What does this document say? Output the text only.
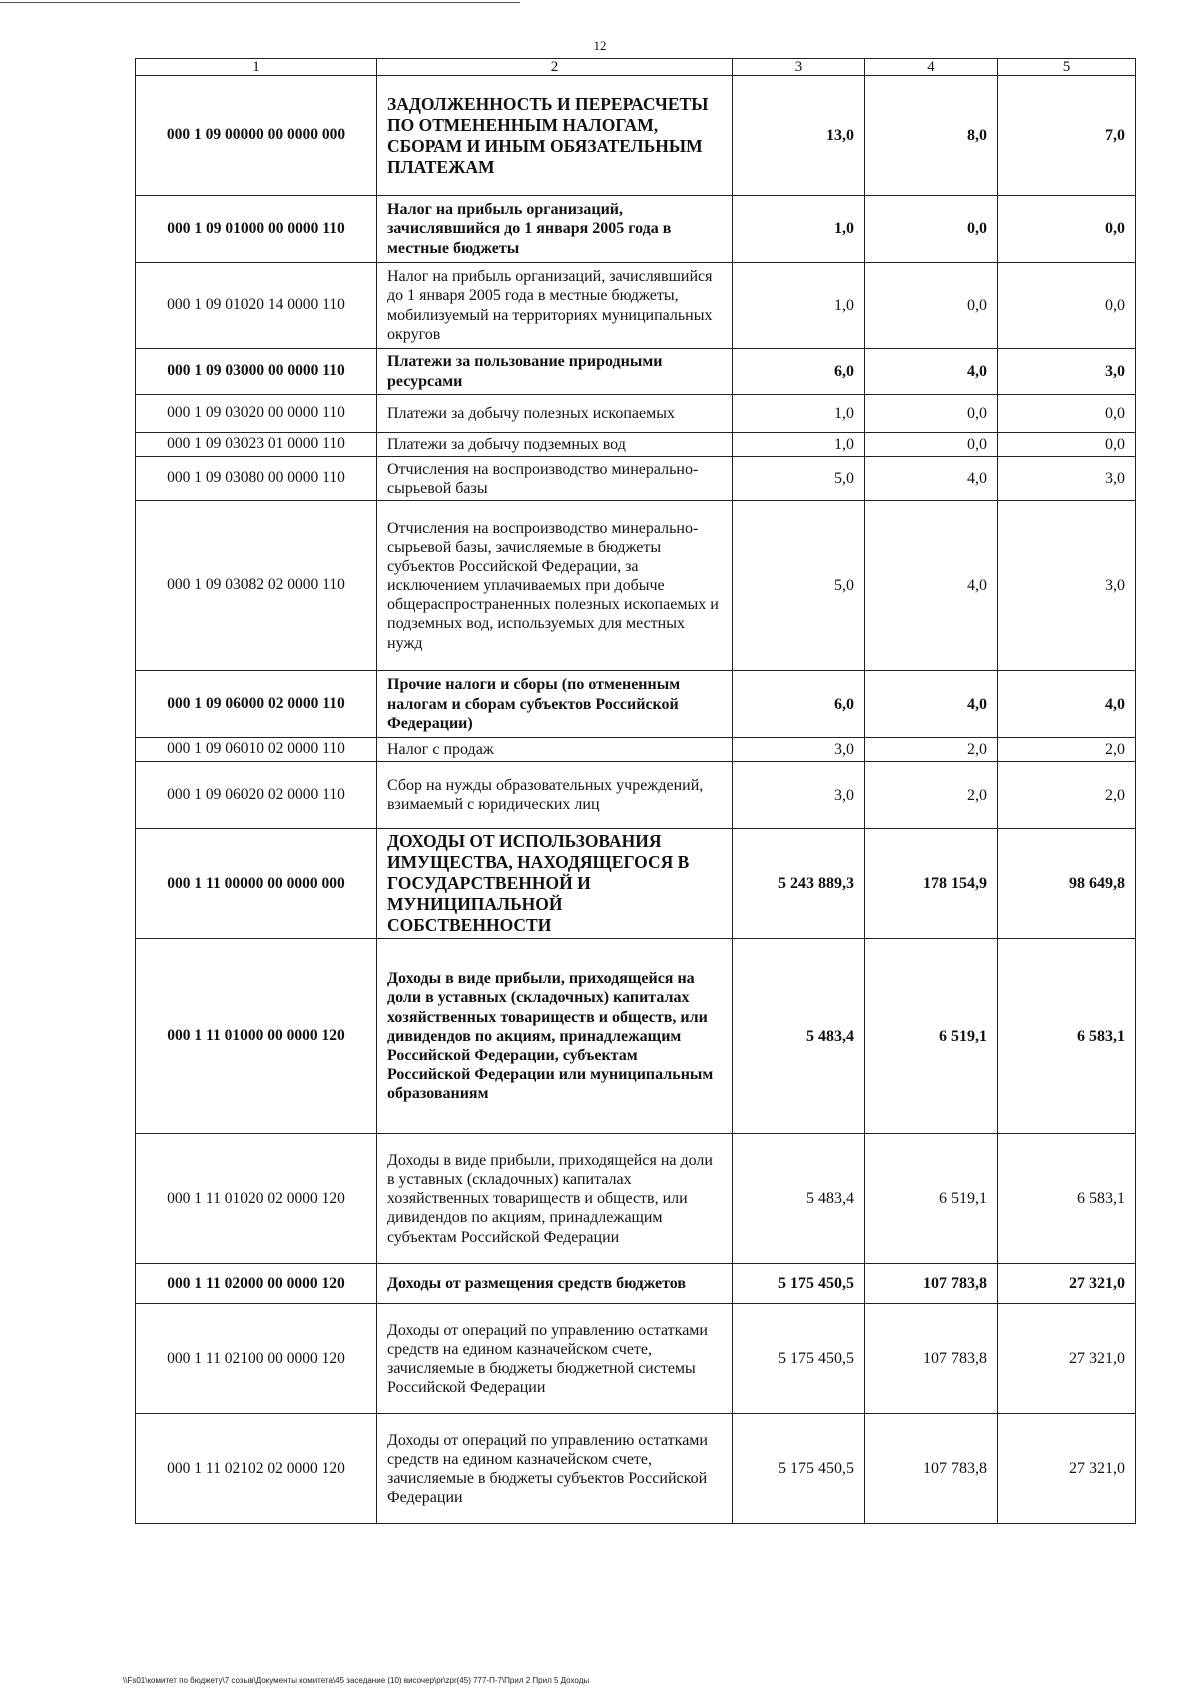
12
1	2	3	4	5
000 1 09 00000 00 0000 000	ЗАДОЛЖЕННОСТЬ И ПЕРЕРАСЧЕТЫ ПО ОТМЕНЕННЫМ НАЛОГАМ, СБОРАМ И ИНЫМ ОБЯЗАТЕЛЬНЫМ ПЛАТЕЖАМ	13,0	8,0	7,0
000 1 09 01000 00 0000 110	Налог на прибыль организаций, зачислявшийся до 1 января 2005 года в местные бюджеты	1,0	0,0	0,0
000 1 09 01020 14 0000 110	Налог на прибыль организаций, зачислявшийся до 1 января 2005 года в местные бюджеты, мобилизуемый на территориях муниципальных округов	1,0	0,0	0,0
000 1 09 03000 00 0000 110	Платежи за пользование природными ресурсами	6,0	4,0	3,0
000 1 09 03020 00 0000 110	Платежи за добычу полезных ископаемых	1,0	0,0	0,0
000 1 09 03023 01 0000 110	Платежи за добычу подземных вод	1,0	0,0	0,0
000 1 09 03080 00 0000 110	Отчисления на воспроизводство минерально-сырьевой базы	5,0	4,0	3,0
000 1 09 03082 02 0000 110	Отчисления на воспроизводство минерально-сырьевой базы, зачисляемые в бюджеты субъектов Российской Федерации, за исключением уплачиваемых при добыче общераспространенных полезных ископаемых и подземных вод, используемых для местных нужд	5,0	4,0	3,0
000 1 09 06000 02 0000 110	Прочие налоги и сборы (по отмененным налогам и сборам субъектов Российской Федерации)	6,0	4,0	4,0
000 1 09 06010 02 0000 110	Налог с продаж	3,0	2,0	2,0
000 1 09 06020 02 0000 110	Сбор на нужды образовательных учреждений, взимаемый с юридических лиц	3,0	2,0	2,0
000 1 11 00000 00 0000 000	ДОХОДЫ ОТ ИСПОЛЬЗОВАНИЯ ИМУЩЕСТВА, НАХОДЯЩЕГОСЯ В ГОСУДАРСТВЕННОЙ И МУНИЦИПАЛЬНОЙ СОБСТВЕННОСТИ	5 243 889,3	178 154,9	98 649,8
000 1 11 01000 00 0000 120	Доходы в виде прибыли, приходящейся на доли в уставных (складочных) капиталах хозяйственных товариществ и обществ, или дивидендов по акциям, принадлежащим Российской Федерации, субъектам Российской Федерации или муниципальным образованиям	5 483,4	6 519,1	6 583,1
000 1 11 01020 02 0000 120	Доходы в виде прибыли, приходящейся на доли в уставных (складочных) капиталах хозяйственных товариществ и обществ, или дивидендов по акциям, принадлежащим субъектам Российской Федерации	5 483,4	6 519,1	6 583,1
000 1 11 02000 00 0000 120	Доходы от размещения средств бюджетов	5 175 450,5	107 783,8	27 321,0
000 1 11 02100 00 0000 120	Доходы от операций по управлению остатками средств на едином казначейском счете, зачисляемые в бюджеты бюджетной системы Российской Федерации	5 175 450,5	107 783,8	27 321,0
000 1 11 02102 02 0000 120	Доходы от операций по управлению остатками средств на едином казначейском счете, зачисляемые в бюджеты субъектов Российской Федерации	5 175 450,5	107 783,8	27 321,0
\\Fs01\комитет по бюджету\7 созыв\Документы комитета\45 заседание (10) височер\pr\zpr(45) 777-П-7\Прил 2 Прил 5 Доходы
